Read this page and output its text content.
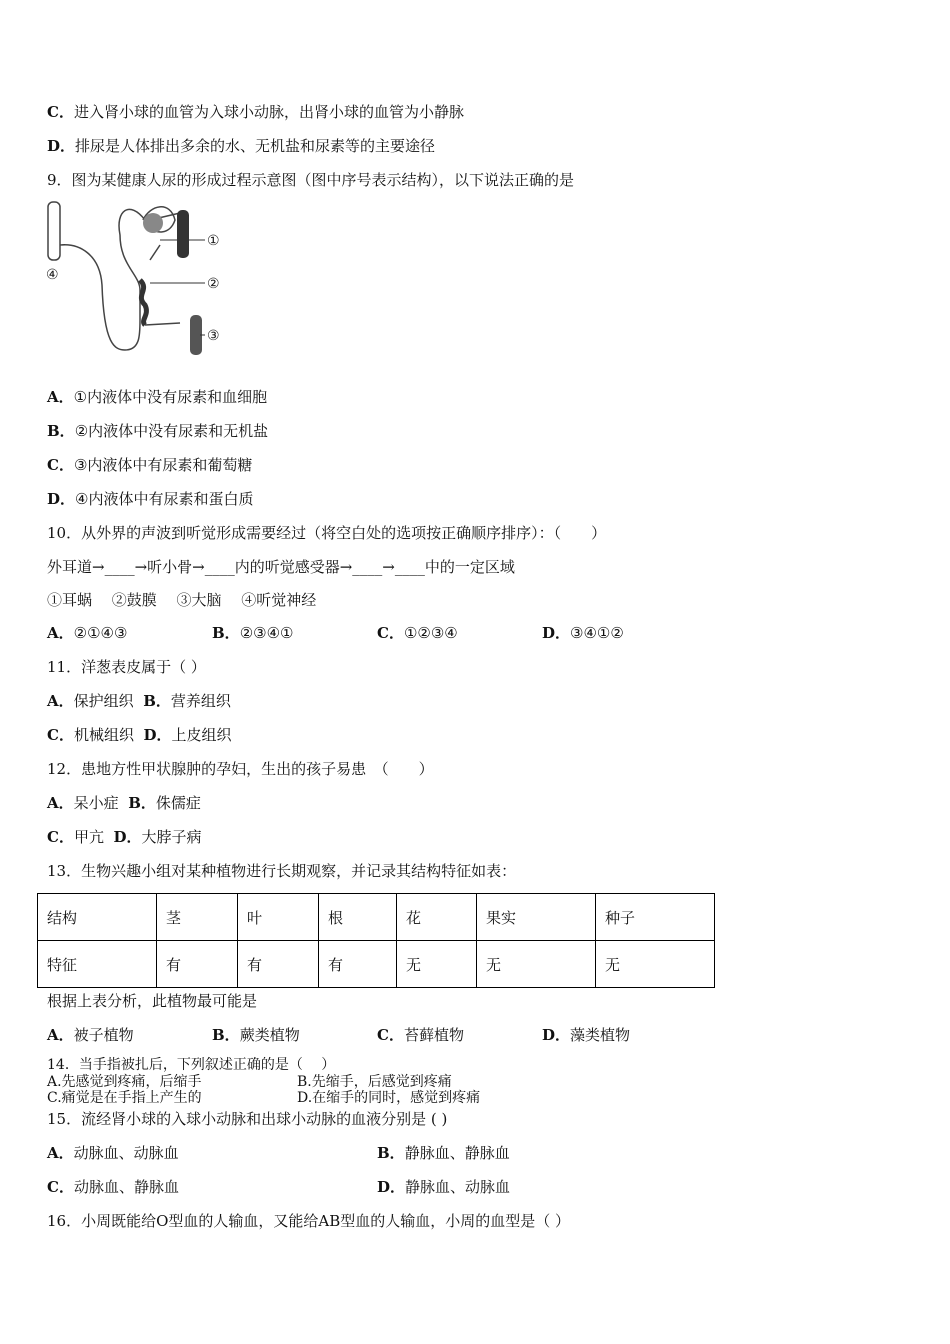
C．进入肾小球的血管为入球小动脉，出肾小球的血管为小静脉
D．排尿是人体排出多余的水、无机盐和尿素等的主要途径
9．图为某健康人尿的形成过程示意图（图中序号表示结构），以下说法正确的是
①
②
③
④
A．①内液体中没有尿素和血细胞
B．②内液体中没有尿素和无机盐
C．③内液体中有尿素和葡萄糖
D．④内液体中有尿素和蛋白质
10．从外界的声波到听觉形成需要经过（将空白处的选项按正确顺序排序）：（　　）
外耳道→____→听小骨→____内的听觉感受器→____→____中的一定区域
①耳蜗　 ②鼓膜　 ③大脑　 ④听觉神经
A．②①④③	B．②③④①	C．①②③④	D．③④①②
11．洋葱表皮属于（ ）
A．保护组织 B．营养组织
C．机械组织 D．上皮组织
12．患地方性甲状腺肿的孕妇，生出的孩子易患　（　　）
A．呆小症 B．侏儒症
C．甲亢 D．大脖子病
13．生物兴趣小组对某种植物进行长期观察，并记录其结构特征如表：
结构	茎	叶	根	花	果实	种子
特征	有	有	有	无	无	无
根据上表分析，此植物最可能是
A．被子植物	B．蕨类植物	C．苔藓植物	D．藻类植物
14．当手指被扎后，下列叙述正确的是（　 ）
A.先感觉到疼痛，后缩手	B.先缩手，后感觉到疼痛
C.痛觉是在手指上产生的	D.在缩手的同时，感觉到疼痛
15．流经肾小球的入球小动脉和出球小动脉的血液分别是 ( )
A．动脉血、动脉血	B．静脉血、静脉血
C．动脉血、静脉血	D．静脉血、动脉血
16．小周既能给O型血的人输血，又能给AB型血的人输血，小周的血型是（ ）
